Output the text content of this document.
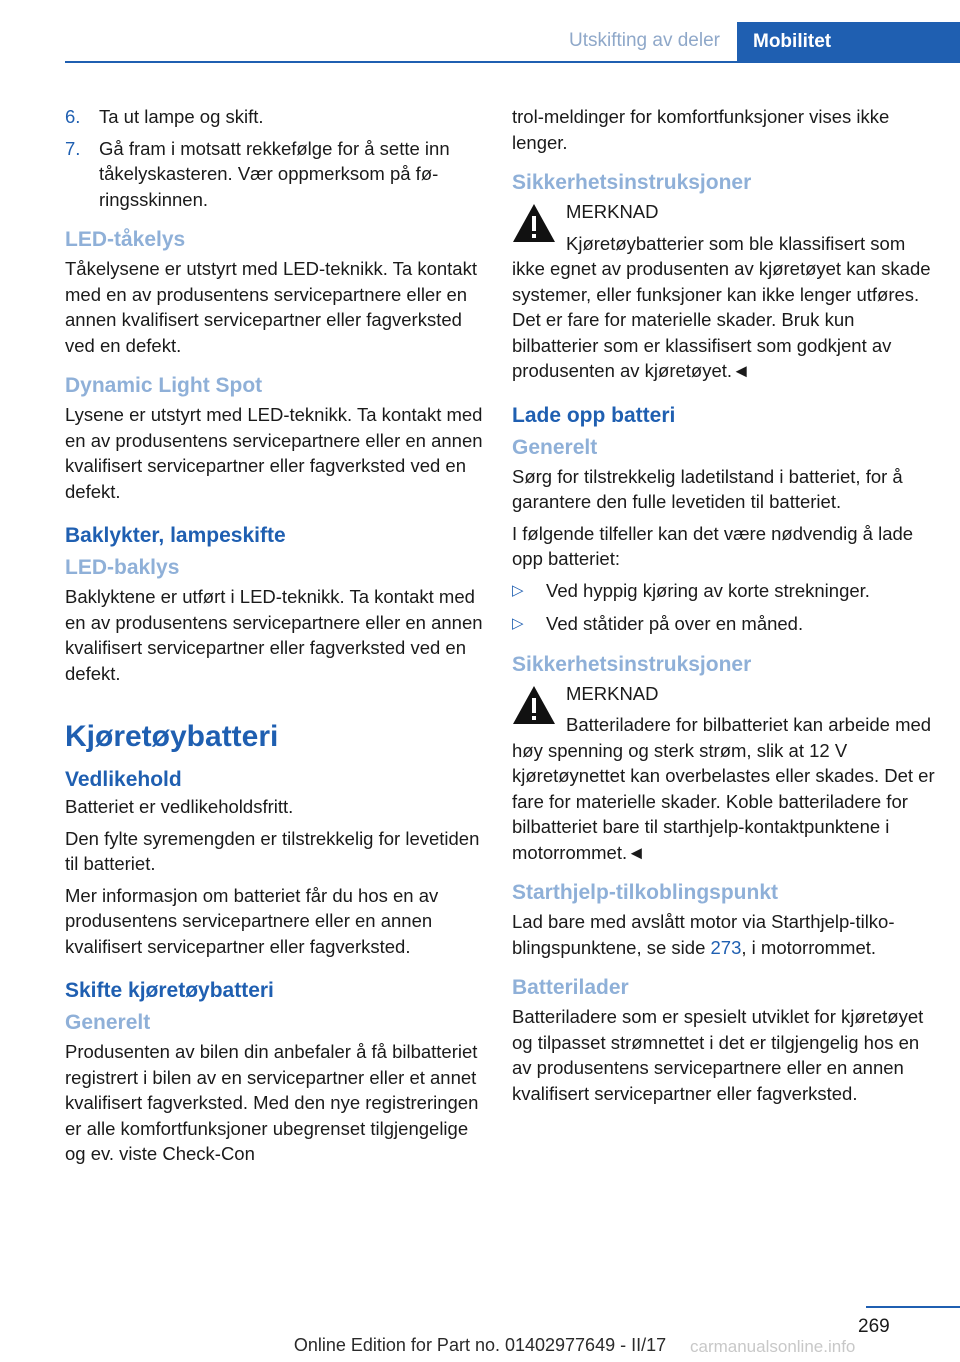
Utskifting av deler	Mobilitet
6. Ta ut lampe og skift.
7. Gå fram i motsatt rekkefølge for å sette inn tåkelyskasteren. Vær oppmerksom på føringsskinnen.
LED-tåkelys

Tåkelysene er utstyrt med LED-teknikk. Ta kontakt med en av produsentens servicepartnere eller en annen kvalifisert servicepartner eller fagverksted ved en defekt.

Dynamic Light Spot

Lysene er utstyrt med LED-teknikk. Ta kontakt med en av produsentens servicepartnere eller en annen kvalifisert servicepartner eller fagverksted ved en defekt.

Baklykter, lampeskifte
LED-baklys

Baklyktene er utført i LED-teknikk. Ta kontakt med en av produsentens servicepartnere eller en annen kvalifisert servicepartner eller fagverksted ved en defekt.

Kjøretøybatteri
Vedlikehold

Batteriet er vedlikeholdsfritt.

Den fylte syremengden er tilstrekkelig for levetiden til batteriet.

Mer informasjon om batteriet får du hos en av produsentens servicepartnere eller en annen kvalifisert servicepartner eller fagverksted.

Skifte kjøretøybatteri
Generelt

Produsenten av bilen din anbefaler å få bilbatteriet registrert i bilen av en servicepartner eller et annet kvalifisert fagverksted. Med den nye registreringen er alle komfortfunksjoner ubegrenset tilgjengelige og ev. viste Check-Con

trol-meldinger for komfortfunksjoner vises ikke lenger.

Sikkerhetsinstruksjoner
MERKNAD
Kjøretøybatterier som ble klassifisert som ikke egnet av produsenten av kjøretøyet kan skade systemer, eller funksjoner kan ikke lenger utføres. Det er fare for materielle skader. Bruk kun bilbatterier som er klassifisert som godkjent av produsenten av kjøretøyet.◄
Lade opp batteri
Generelt

Sørg for tilstrekkelig ladetilstand i batteriet, for å garantere den fulle levetiden til batteriet.

I følgende tilfeller kan det være nødvendig å lade opp batteriet:

▷ Ved hyppig kjøring av korte strekninger.
▷ Ved ståtider på over en måned.
Sikkerhetsinstruksjoner
MERKNAD
Batteriladere for bilbatteriet kan arbeide med høy spenning og sterk strøm, slik at 12 V kjøretøynettet kan overbelastes eller skades. Det er fare for materielle skader. Koble batteriladere for bilbatteriet bare til starthjelp-kontaktpunktene i motorrommet.◄
Starthjelp-tilkoblingspunkt

Lad bare med avslått motor via Starthjelp-tilkoblingspunktene, se side 273, i motorrommet.

Batterilader

Batteriladere som er spesielt utviklet for kjøretøyet og tilpasset strømnettet i det er tilgjengelig hos en av produsentens servicepartnere eller en annen kvalifisert servicepartner eller fagverksted.

269
carmanualsonline.info
Online Edition for Part no. 01402977649 - II/17
